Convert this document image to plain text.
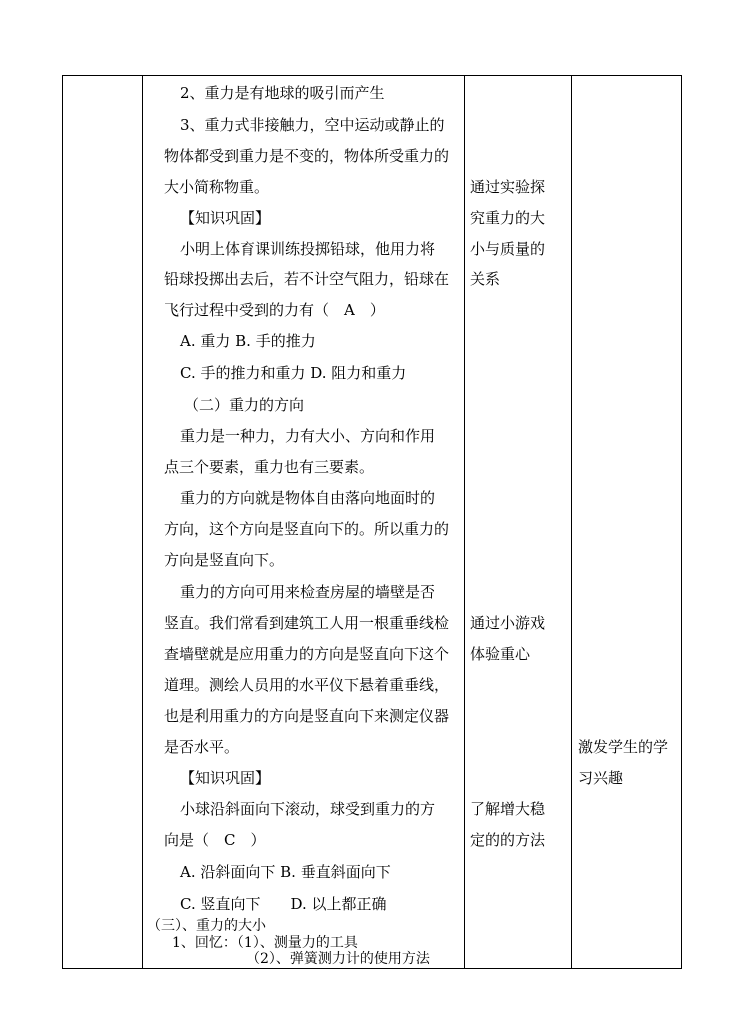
2、重力是有地球的吸引而产生
3、重力式非接触力，空中运动或静止的
物体都受到重力是不变的，物体所受重力的
大小简称物重。
【知识巩固】
小明上体育课训练投掷铅球，他用力将
铅球投掷出去后，若不计空气阻力，铅球在
飞行过程中受到的力有（　A　）
A. 重力 B. 手的推力
C. 手的推力和重力 D. 阻力和重力
（二）重力的方向
重力是一种力，力有大小、方向和作用
点三个要素，重力也有三要素。
重力的方向就是物体自由落向地面时的
方向，这个方向是竖直向下的。所以重力的
方向是竖直向下。
重力的方向可用来检查房屋的墙壁是否
竖直。我们常看到建筑工人用一根重垂线检
查墙壁就是应用重力的方向是竖直向下这个
道理。测绘人员用的水平仪下悬着重垂线，
也是利用重力的方向是竖直向下来测定仪器
是否水平。
【知识巩固】
小球沿斜面向下滚动，球受到重力的方
向是（　C　）
A. 沿斜面向下 B. 垂直斜面向下
C. 竖直向下　　D. 以上都正确
（三）、重力的大小
1、回忆：（1）、测量力的工具
（2）、弹簧测力计的使用方法
通过实验探
究重力的大
小与质量的
关系
通过小游戏
体验重心
了解增大稳
定的的方法
激发学生的学
习兴趣
